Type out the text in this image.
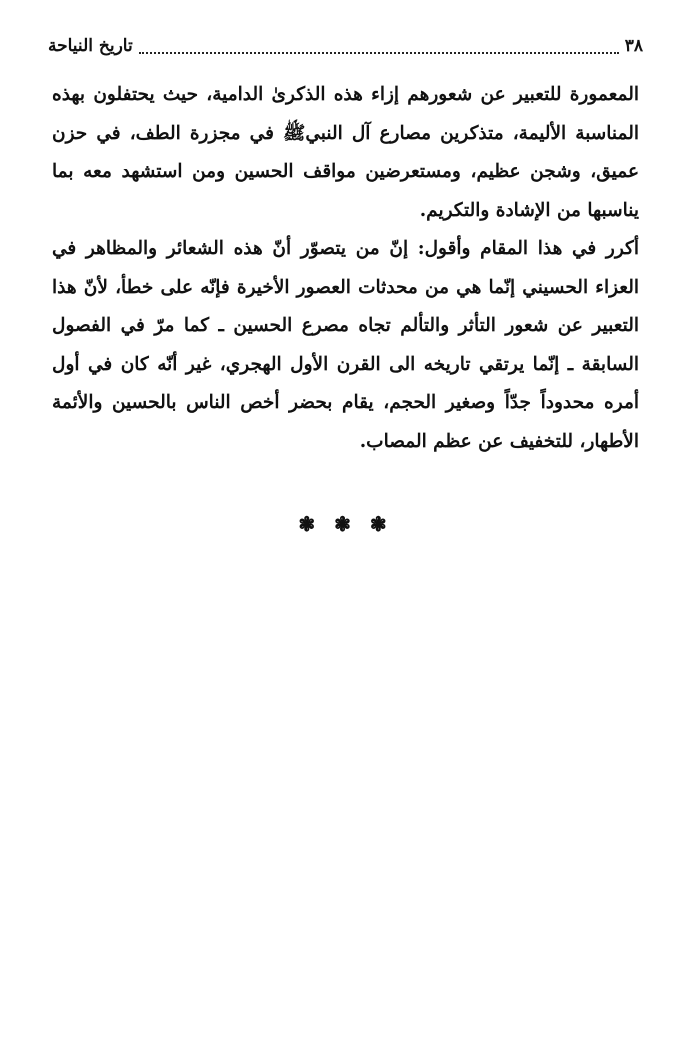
٣٨
تاريخ النياحة

المعمورة للتعبير عن شعورهم إزاء هذه الذكرىٰ الدامية، حيث يحتفلون بهذه المناسبة الأليمة، متذكرين مصارع آل النبيﷺ في مجزرة الطف، في حزن عميق، وشجن عظيم، ومستعرضين مواقف الحسين ومن استشهد معه بما يناسبها من الإشادة والتكريم.

أكرر في هذا المقام وأقول: إنّ من يتصوّر أنّ هذه الشعائر والمظاهر في العزاء الحسيني إنّما هي من محدثات العصور الأخيرة فإنّه على خطأ، لأنّ هذا التعبير عن شعور التأثر والتألم تجاه مصرع الحسين ـ كما مرّ في الفصول السابقة ـ إنّما يرتقي تاريخه الى القرن الأول الهجري، غير أنّه كان في أول أمره محدوداً جدّاً وصغير الحجم، يقام بحضر أخص الناس بالحسين والأئمة الأطهار، للتخفيف عن عظم المصاب.

❃ ❃ ❃
